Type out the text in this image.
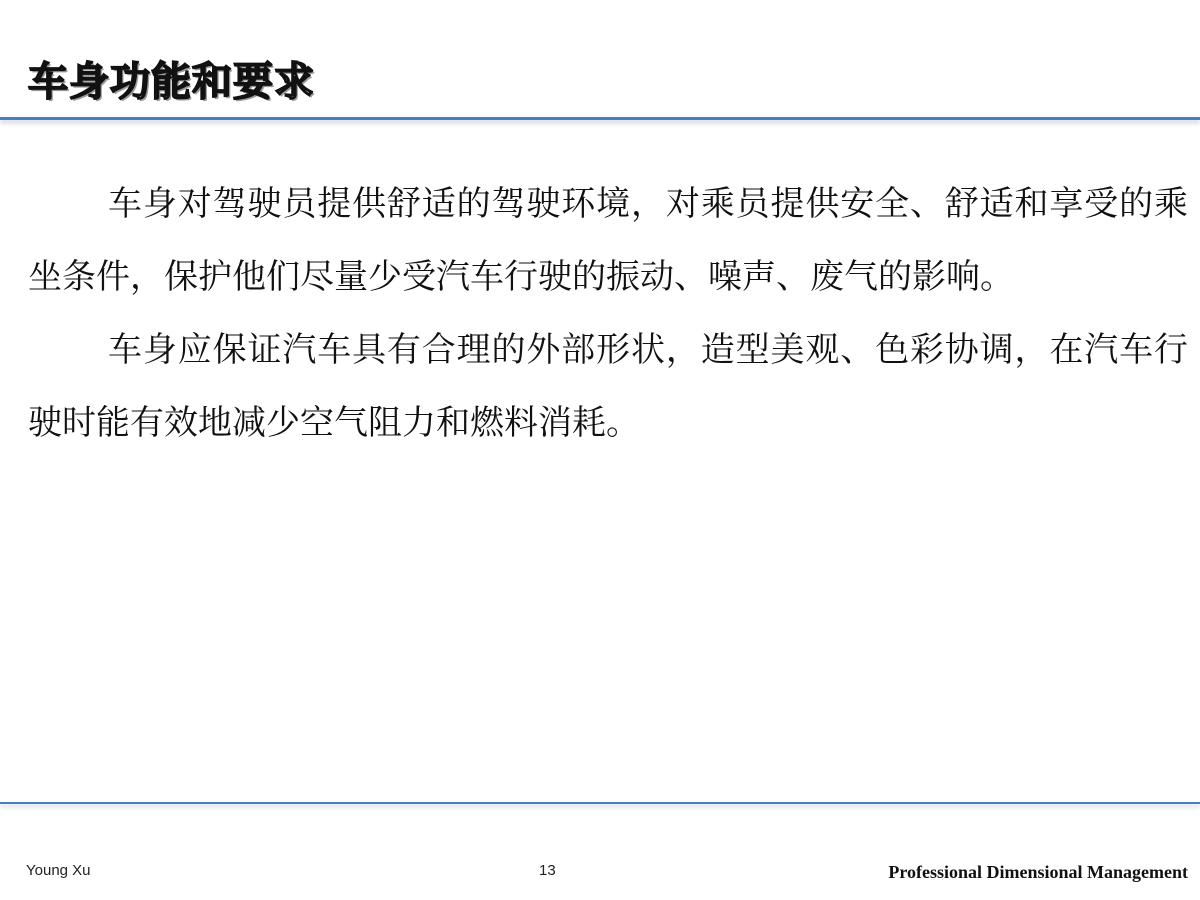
车身功能和要求

车身对驾驶员提供舒适的驾驶环境，对乘员提供安全、舒适和享受的乘坐条件，保护他们尽量少受汽车行驶的振动、噪声、废气的影响。

车身应保证汽车具有合理的外部形状，造型美观、色彩协调，在汽车行驶时能有效地减少空气阻力和燃料消耗。

Young Xu	13	Professional Dimensional Management
